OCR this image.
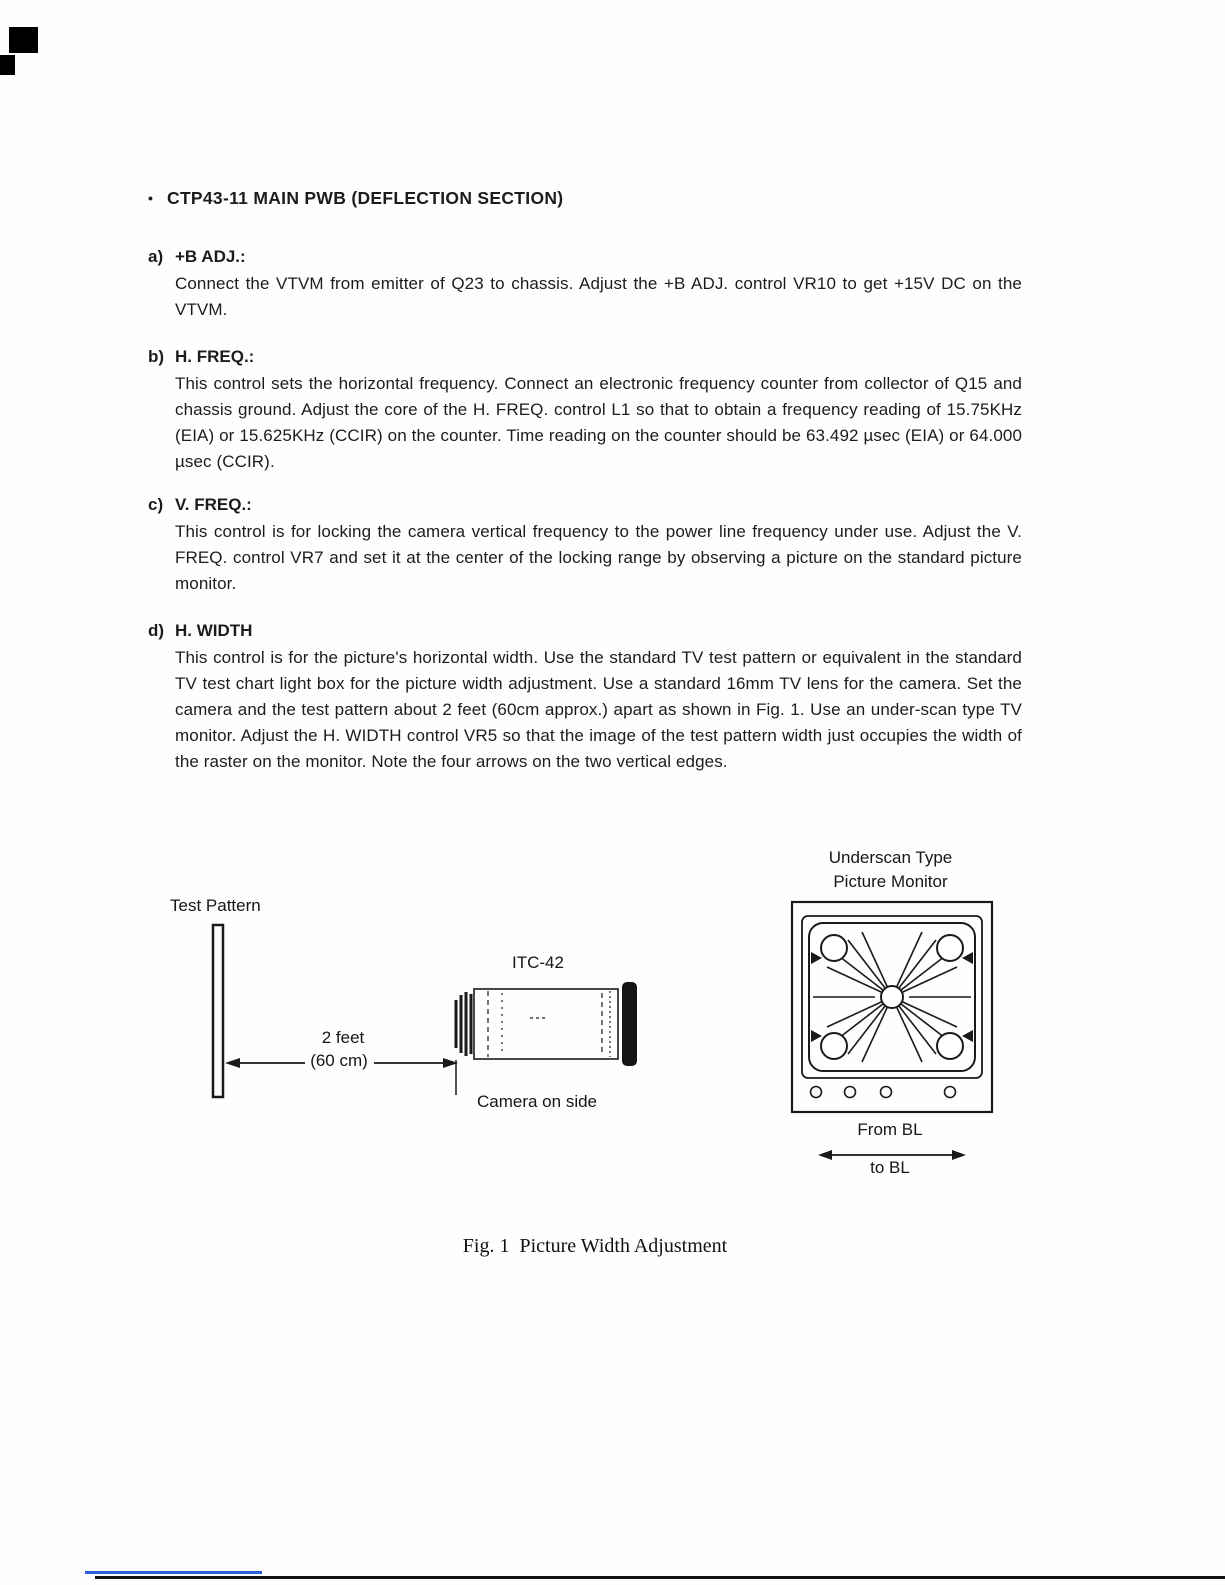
• CTP43-11 MAIN PWB (DEFLECTION SECTION)
a) +B ADJ.:

Connect the VTVM from emitter of Q23 to chassis. Adjust the +B ADJ. control VR10 to get +15V DC on the VTVM.

b) H. FREQ.:

This control sets the horizontal frequency. Connect an electronic frequency counter from collector of Q15 and chassis ground. Adjust the core of the H. FREQ. control L1 so that to obtain a frequency reading of 15.75KHz (EIA) or 15.625KHz (CCIR) on the counter. Time reading on the counter should be 63.492 µsec (EIA) or 64.000 µsec (CCIR).

c) V. FREQ.:

This control is for locking the camera vertical frequency to the power line frequency under use. Adjust the V. FREQ. control VR7 and set it at the center of the locking range by observing a picture on the standard picture monitor.

d) H. WIDTH

This control is for the picture's horizontal width. Use the standard TV test pattern or equivalent in the standard TV test chart light box for the picture width adjustment. Use a standard 16mm TV lens for the camera. Set the camera and the test pattern about 2 feet (60cm approx.) apart as shown in Fig. 1. Use an under-scan type TV monitor. Adjust the H. WIDTH control VR5 so that the image of the test pattern width just occupies the width of the raster on the monitor. Note the four arrows on the two vertical edges.

Underscan Type
Picture Monitor
Test Pattern
ITC-42
2 feet
(60 cm)
Camera on side
From BL
to BL
Fig. 1  Picture Width Adjustment
